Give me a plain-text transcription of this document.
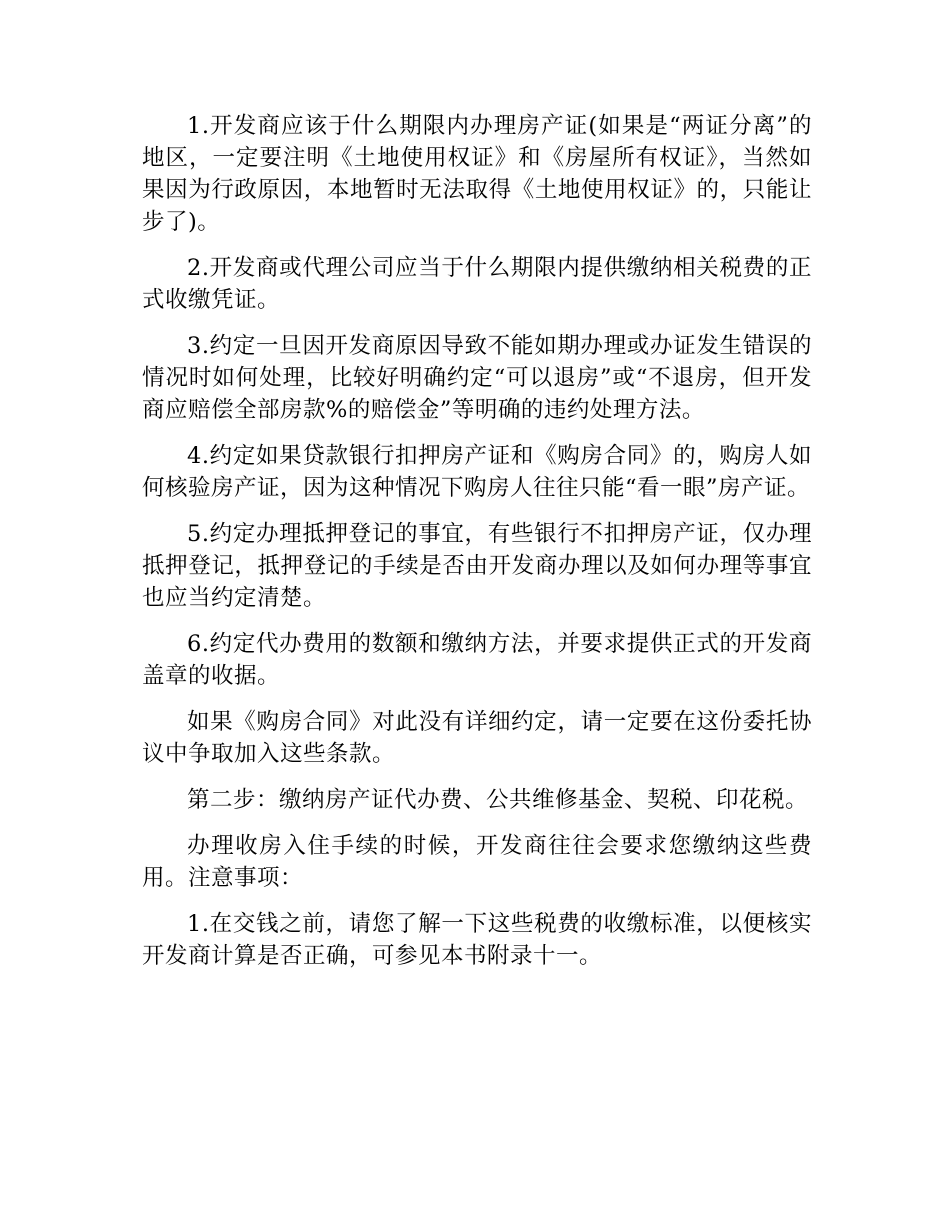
1.开发商应该于什么期限内办理房产证(如果是“两证分离”的地区，一定要注明《土地使用权证》和《房屋所有权证》，当然如果因为行政原因，本地暂时无法取得《土地使用权证》的，只能让步了)。

2.开发商或代理公司应当于什么期限内提供缴纳相关税费的正式收缴凭证。

3.约定一旦因开发商原因导致不能如期办理或办证发生错误的情况时如何处理，比较好明确约定“可以退房”或“不退房，但开发商应赔偿全部房款%的赔偿金”等明确的违约处理方法。

4.约定如果贷款银行扣押房产证和《购房合同》的，购房人如何核验房产证，因为这种情况下购房人往往只能“看一眼”房产证。

5.约定办理抵押登记的事宜，有些银行不扣押房产证，仅办理抵押登记，抵押登记的手续是否由开发商办理以及如何办理等事宜也应当约定清楚。

6.约定代办费用的数额和缴纳方法，并要求提供正式的开发商盖章的收据。

如果《购房合同》对此没有详细约定，请一定要在这份委托协议中争取加入这些条款。

第二步：缴纳房产证代办费、公共维修基金、契税、印花税。

办理收房入住手续的时候，开发商往往会要求您缴纳这些费用。注意事项：

1.在交钱之前，请您了解一下这些税费的收缴标准，以便核实开发商计算是否正确，可参见本书附录十一。
